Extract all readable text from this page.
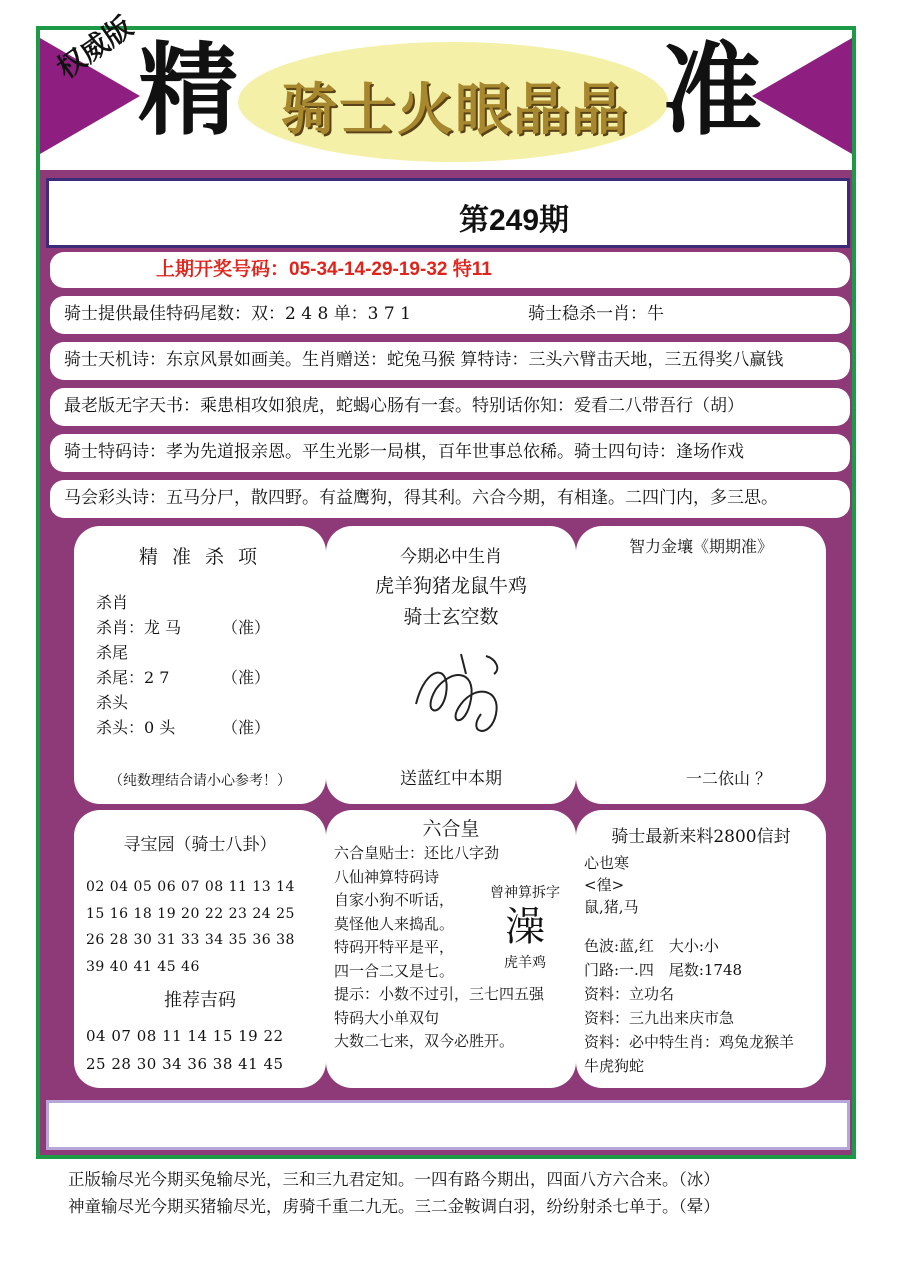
权威版 精 骑士火眼晶晶 准
第249期
上期开奖号码：05-34-14-29-19-32 特11
骑士提供最佳特码尾数：双：2 4 8 单：3 7 1	骑士稳杀一肖：牛
骑士天机诗：东京风景如画美。生肖赠送：蛇兔马猴 算特诗：三头六臂击天地，三五得奖八赢钱
最老版无字天书：乘患相攻如狼虎，蛇蝎心肠有一套。特别话你知：爱看二八带吾行（胡）
骑士特码诗：孝为先道报亲恩。平生光影一局棋，百年世事总依稀。骑士四句诗：逢场作戏
马会彩头诗：五马分尸，散四野。有益鹰狗，得其利。六合今期，有相逢。二四门内，多三思。
精 准 杀 项
杀肖
杀肖：龙 马
杀尾
杀尾：2 7
杀头
杀头：0 头
（准）

（准）

（准）
（纯数理结合请小心参考！）
今期必中生肖
虎羊狗猪龙鼠牛鸡
骑士玄空数
送蓝红中本期
智力金壤《期期准》
一二依山 ？
寻宝园（骑士八卦）
02 04 05 06 07 08 11 13 14
15 16 18 19 20 22 23 24 25
26 28 30 31 33 34 35 36 38
39 40 41 45 46
推荐吉码
04 07 08 11 14 15 19 22
25 28 30 34 36 38 41 45
六合皇
六合皇贴士：还比八字劲
八仙神算特码诗
自家小狗不听话，
莫怪他人来捣乱。
特码开特平是平，
四一合二又是七。
提示：小数不过引，三七四五强
特码大小单双句
大数二七来，双今必胜开。
曾神算拆字
澡
虎羊鸡
骑士最新来料2800信封
心也寒
<徨>
鼠,猪,马
色波:蓝,红　大小:小
门路:一.四　尾数:1748
资料：立功名
资料：三九出来庆市急
资料：必中特生肖：鸡兔龙猴羊
牛虎狗蛇
正版输尽光今期买兔输尽光，三和三九君定知。一四有路今期出，四面八方六合来。（冰）
神童输尽光今期买猪输尽光，虏骑千重二九无。三二金鞍调白羽，纷纷射杀七单于。（晕）
